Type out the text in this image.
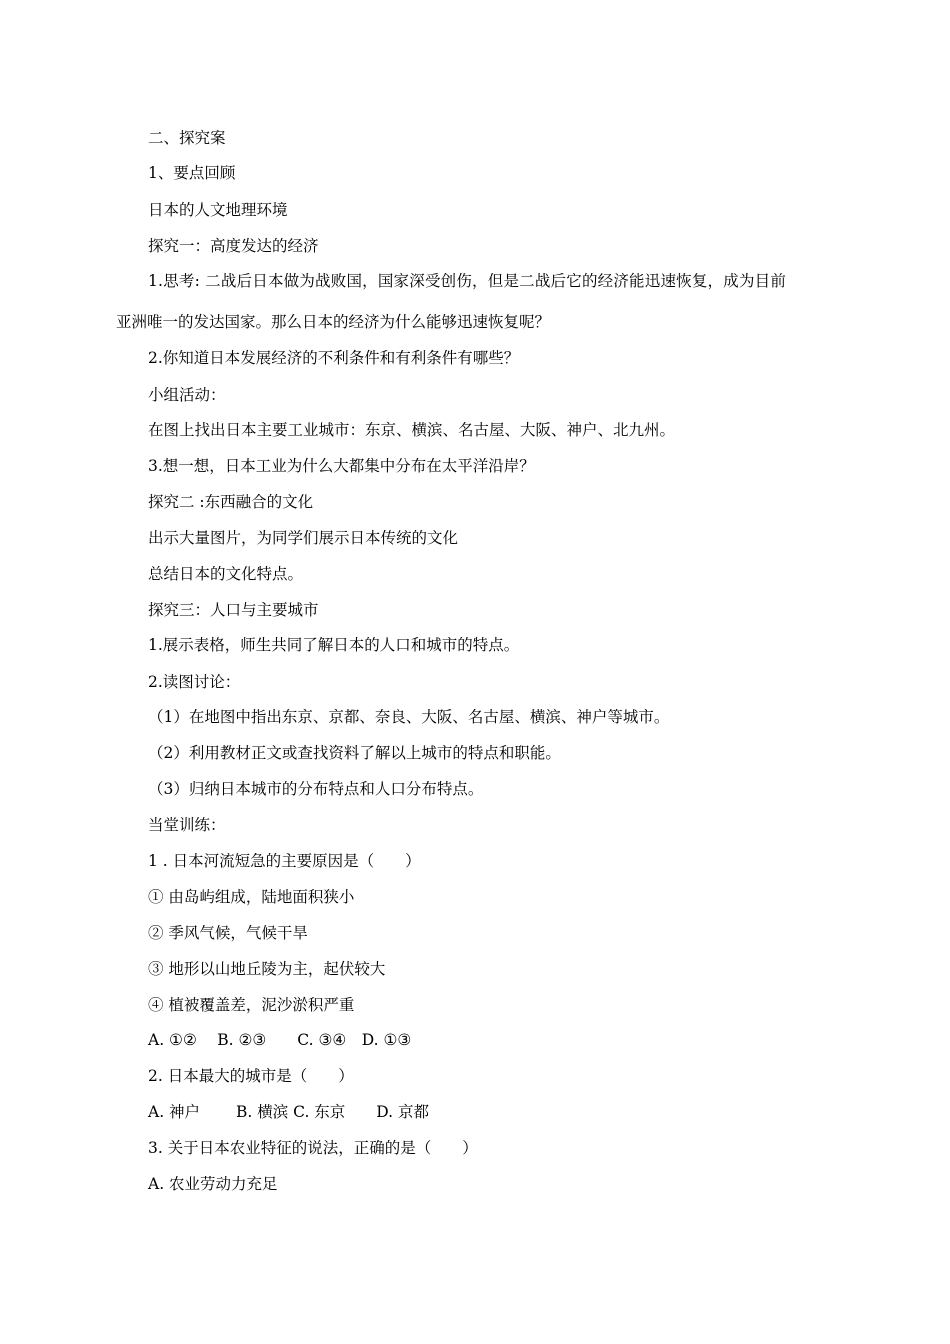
二、探究案
1、要点回顾
日本的人文地理环境
探究一：高度发达的经济
1.思考: 二战后日本做为战败国，国家深受创伤，但是二战后它的经济能迅速恢复，成为目前
亚洲唯一的发达国家。那么日本的经济为什么能够迅速恢复呢？
2.你知道日本发展经济的不利条件和有利条件有哪些？
小组活动：
在图上找出日本主要工业城市：东京、横滨、名古屋、大阪、神户、北九州。
3.想一想，日本工业为什么大都集中分布在太平洋沿岸？
探究二 :东西融合的文化
出示大量图片，为同学们展示日本传统的文化
总结日本的文化特点。
探究三：人口与主要城市
1.展示表格，师生共同了解日本的人口和城市的特点。
2.读图讨论：
（1）在地图中指出东京、京都、奈良、大阪、名古屋、横滨、神户等城市。
（2）利用教材正文或查找资料了解以上城市的特点和职能。
（3）归纳日本城市的分布特点和人口分布特点。
当堂训练：
1 . 日本河流短急的主要原因是（　　）
① 由岛屿组成，陆地面积狭小
② 季风气候，气候干旱
③ 地形以山地丘陵为主，起伏较大
④ 植被覆盖差，泥沙淤积严重
A. ①②　 B. ②③　　C. ③④　D. ①③
2. 日本最大的城市是（　　）
A. 神户　　 B. 横滨 C. 东京　　D. 京都
3. 关于日本农业特征的说法，正确的是（　　）
A. 农业劳动力充足
